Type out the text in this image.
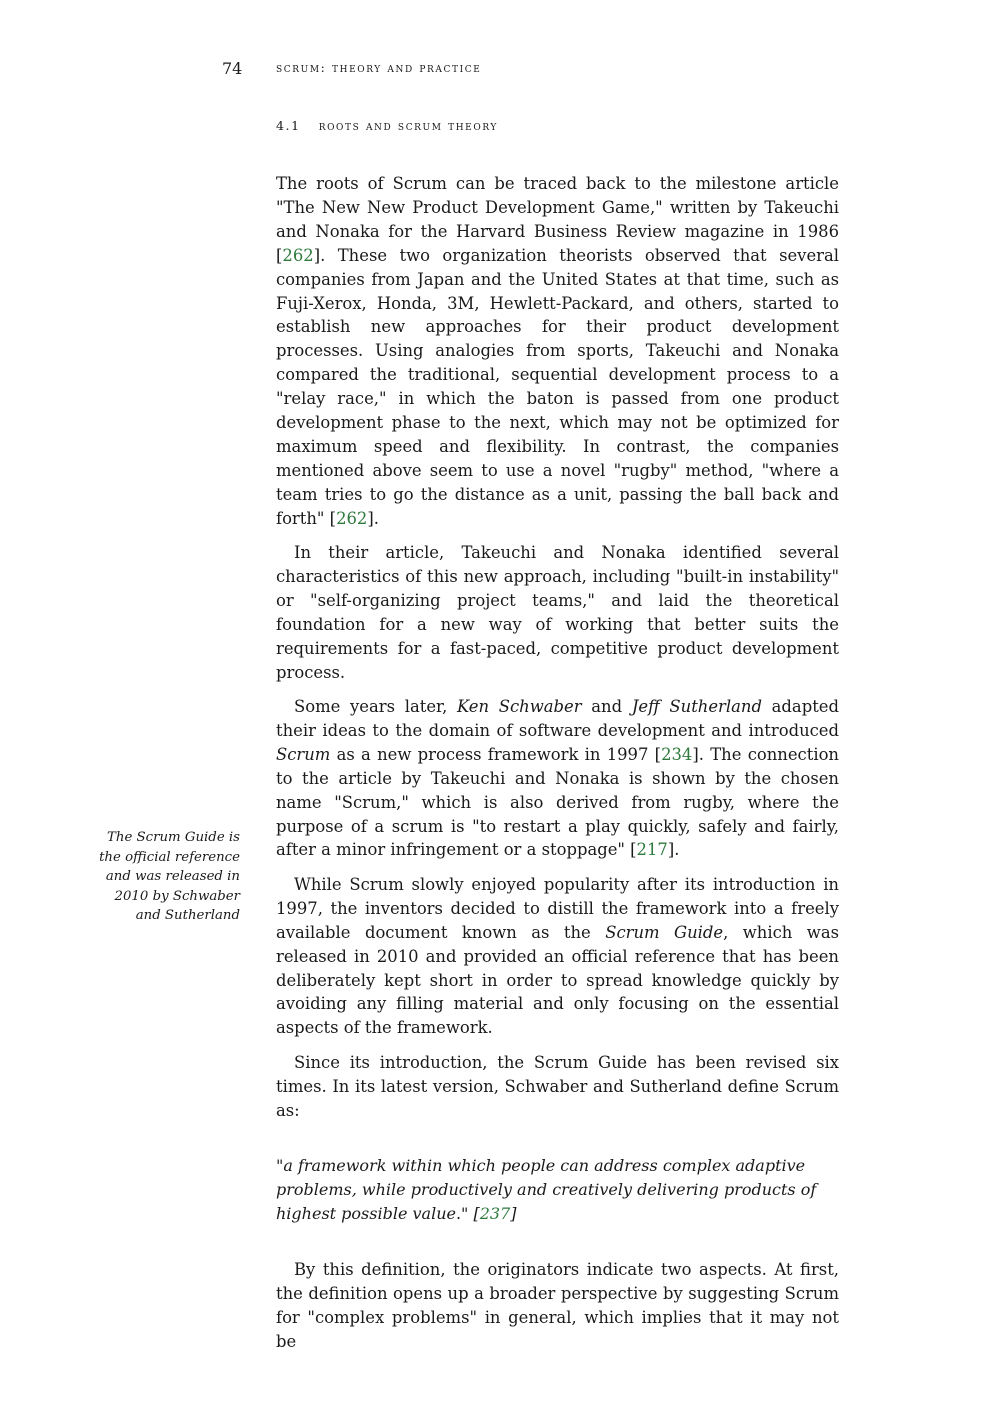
74	scrum: theory and practice
4.1 roots and scrum theory

The roots of Scrum can be traced back to the milestone article "The New New Product Development Game," written by Takeuchi and Nonaka for the Harvard Business Review magazine in 1986 [262]. These two organization theorists observed that several companies from Japan and the United States at that time, such as Fuji-Xerox, Honda, 3M, Hewlett-Packard, and others, started to establish new approaches for their product development processes. Using analogies from sports, Takeuchi and Nonaka compared the traditional, sequential development process to a "relay race," in which the baton is passed from one product development phase to the next, which may not be optimized for maximum speed and flexibility. In contrast, the companies mentioned above seem to use a novel "rugby" method, "where a team tries to go the distance as a unit, passing the ball back and forth" [262].

In their article, Takeuchi and Nonaka identified several characteristics of this new approach, including "built-in instability" or "self-organizing project teams," and laid the theoretical foundation for a new way of working that better suits the requirements for a fast-paced, competitive product development process.

Some years later, Ken Schwaber and Jeff Sutherland adapted their ideas to the domain of software development and introduced Scrum as a new process framework in 1997 [234]. The connection to the article by Takeuchi and Nonaka is shown by the chosen name "Scrum," which is also derived from rugby, where the purpose of a scrum is "to restart a play quickly, safely and fairly, after a minor infringement or a stoppage" [217].

While Scrum slowly enjoyed popularity after its introduction in 1997, the inventors decided to distill the framework into a freely available document known as the Scrum Guide, which was released in 2010 and provided an official reference that has been deliberately kept short in order to spread knowledge quickly by avoiding any filling material and only focusing on the essential aspects of the framework.

Since its introduction, the Scrum Guide has been revised six times. In its latest version, Schwaber and Sutherland define Scrum as:

"a framework within which people can address complex adaptive problems, while productively and creatively delivering products of highest possible value." [237]

By this definition, the originators indicate two aspects. At first, the definition opens up a broader perspective by suggesting Scrum for "complex problems" in general, which implies that it may not be

The Scrum Guide is the official reference and was released in 2010 by Schwaber and Sutherland
